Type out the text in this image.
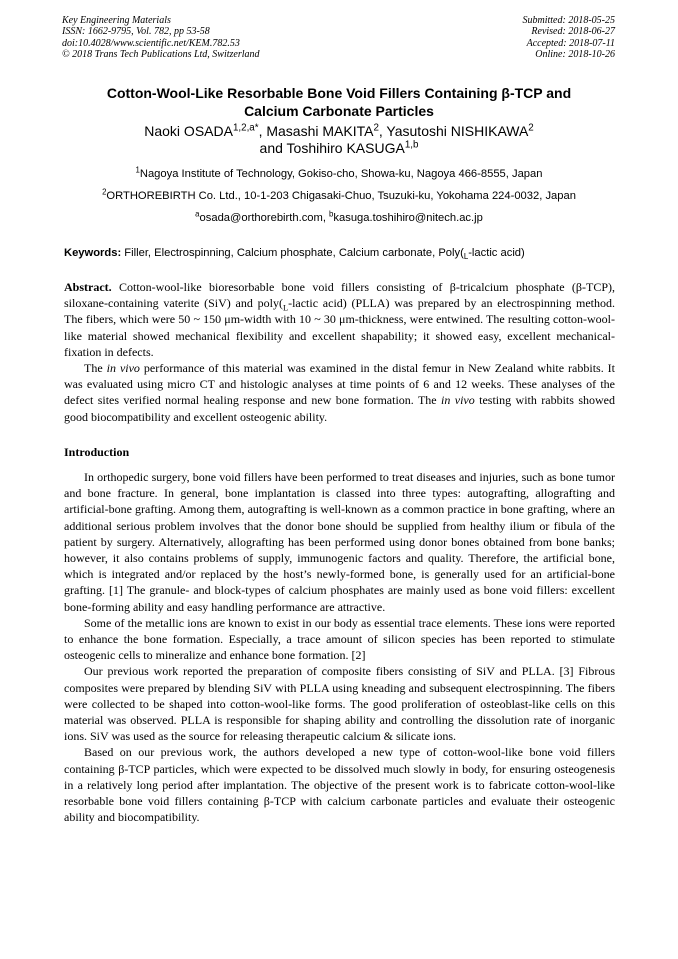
Key Engineering Materials
ISSN: 1662-9795, Vol. 782, pp 53-58
doi:10.4028/www.scientific.net/KEM.782.53
© 2018 Trans Tech Publications Ltd, Switzerland
Submitted: 2018-05-25
Revised: 2018-06-27
Accepted: 2018-07-11
Online: 2018-10-26
Cotton-Wool-Like Resorbable Bone Void Fillers Containing β-TCP and
Calcium Carbonate Particles
Naoki $OSADA^{1,2,a*}$, Masashi MAKITA$^2$, Yasutoshi NISHIKAWA$^2$
and Toshihiro KASUGA$^{1,b}$
$^1$Nagoya Institute of Technology, Gokiso-cho, Showa-ku, Nagoya 466-8555, Japan
$^2$ORTHOREBIRTH Co. Ltd., 10-1-203 Chigasaki-Chuo, Tsuzuki-ku, Yokohama 224-0032, Japan
$^a$osada@orthorebirth.com, $^b$kasuga.toshihiro@nitech.ac.jp
Keywords: Filler, Electrospinning, Calcium phosphate, Calcium carbonate, $Poly(_L$-lactic acid)

Abstract. Cotton-wool-like bioresorbable bone void fillers consisting of β-tricalcium phosphate (β-TCP), siloxane-containing vaterite (SiV) and $poly(_L$-lactic acid) (PLLA) was prepared by an electrospinning method. The fibers, which were 50 ~ 150 μm-width with 10 ~ 30 μm-thickness, were entwined. The resulting cotton-wool-like material showed mechanical flexibility and excellent shapability; it showed easy, excellent mechanical-fixation in defects.

The in vivo performance of this material was examined in the distal femur in New Zealand white rabbits. It was evaluated using micro CT and histologic analyses at time points of 6 and 12 weeks. These analyses of the defect sites verified normal healing response and new bone formation. The in vivo testing with rabbits showed good biocompatibility and excellent osteogenic ability.

Introduction

In orthopedic surgery, bone void fillers have been performed to treat diseases and injuries, such as bone tumor and bone fracture. In general, bone implantation is classed into three types: autografting, allografting and artificial-bone grafting. Among them, autografting is well-known as a common practice in bone grafting, where an additional serious problem involves that the donor bone should be supplied from healthy ilium or fibula of the patient by surgery. Alternatively, allografting has been performed using donor bones obtained from bone banks; however, it also contains problems of supply, immunogenic factors and quality. Therefore, the artificial bone, which is integrated and/or replaced by the host’s newly-formed bone, is generally used for an artificial-bone grafting. [1] The granule- and block-types of calcium phosphates are mainly used as bone void fillers: excellent bone-forming ability and easy handling performance are attractive.

Some of the metallic ions are known to exist in our body as essential trace elements. These ions were reported to enhance the bone formation. Especially, a trace amount of silicon species has been reported to stimulate osteogenic cells to mineralize and enhance bone formation. [2]

Our previous work reported the preparation of composite fibers consisting of SiV and PLLA. [3] Fibrous composites were prepared by blending SiV with PLLA using kneading and subsequent electrospinning. The fibers were collected to be shaped into cotton-wool-like forms. The good proliferation of osteoblast-like cells on this material was observed. PLLA is responsible for shaping ability and controlling the dissolution rate of inorganic ions. SiV was used as the source for releasing therapeutic calcium & silicate ions.

Based on our previous work, the authors developed a new type of cotton-wool-like bone void fillers containing β-TCP particles, which were expected to be dissolved much slowly in body, for ensuring osteogenesis in a relatively long period after implantation. The objective of the present work is to fabricate cotton-wool-like resorbable bone void fillers containing β-TCP with calcium carbonate particles and evaluate their osteogenic ability and biocompatibility.
